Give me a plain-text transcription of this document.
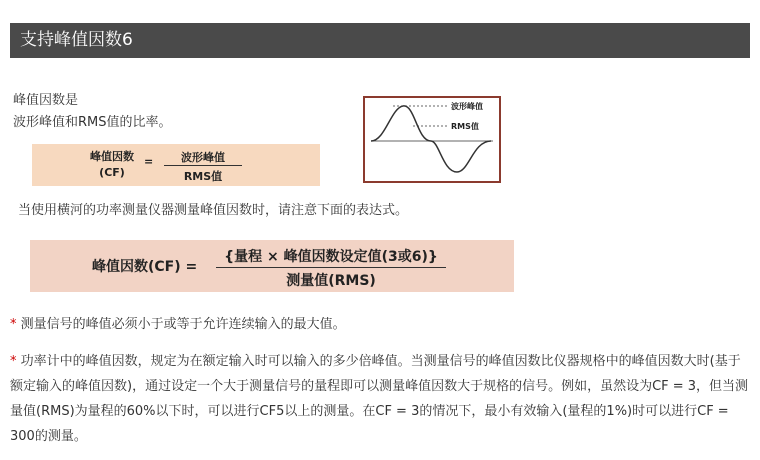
支持峰值因数6
峰值因数是
波形峰值和RMS值的比率。
峰值因数
(CF)
=	波形峰值
RMS值
波形峰值
RMS值
当使用横河的功率测量仪器测量峰值因数时，请注意下面的表达式。
峰值因数(CF) =
{量程 × 峰值因数设定值(3或6)}
测量值(RMS)
* 测量信号的峰值必须小于或等于允许连续输入的最大值。
* 功率计中的峰值因数，规定为在额定输入时可以输入的多少倍峰值。当测量信号的峰值因数比仪器规格中的峰值因数大时(基于额定输入的峰值因数)，通过设定一个大于测量信号的量程即可以测量峰值因数大于规格的信号。例如，虽然设为CF = 3，但当测量值(RMS)为量程的60%以下时，可以进行CF5以上的测量。在CF = 3的情况下，最小有效输入(量程的1%)时可以进行CF = 300的测量。
